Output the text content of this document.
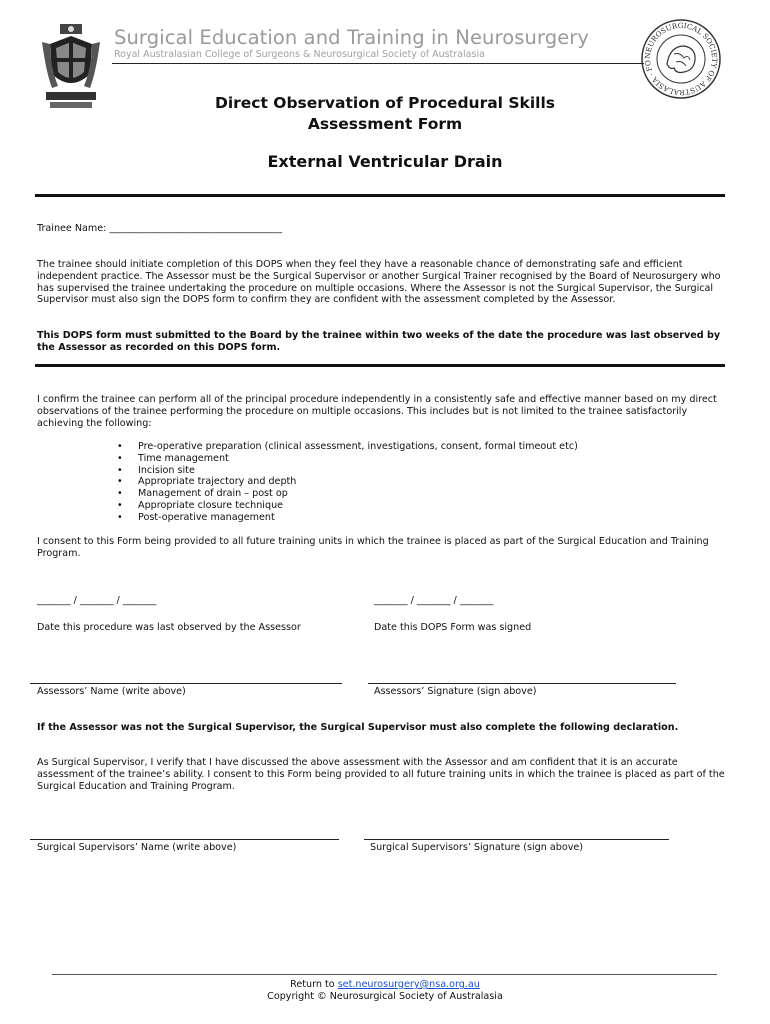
Surgical Education and Training in Neurosurgery
Royal Australasian College of Surgeons & Neurosurgical Society of Australasia	NEUROSURGICAL SOCIETY OF AUSTRALASIA · FO
Direct Observation of Procedural Skills
Assessment Form
External Ventricular Drain
Trainee Name: ____________________________________
The trainee should initiate completion of this DOPS when they feel they have a reasonable chance of demonstrating safe and efficient independent practice. The Assessor must be the Surgical Supervisor or another Surgical Trainer recognised by the Board of Neurosurgery who has supervised the trainee undertaking the procedure on multiple occasions. Where the Assessor is not the Surgical Supervisor, the Surgical Supervisor must also sign the DOPS form to confirm they are confident with the assessment completed by the Assessor.
This DOPS form must submitted to the Board by the trainee within two weeks of the date the procedure was last observed by the Assessor as recorded on this DOPS form.
I confirm the trainee can perform all of the principal procedure independently in a consistently safe and effective manner based on my direct observations of the trainee performing the procedure on multiple occasions. This includes but is not limited to the trainee satisfactorily achieving the following:
• Pre-operative preparation (clinical assessment, investigations, consent, formal timeout etc)
• Time management
• Incision site
• Appropriate trajectory and depth
• Management of drain – post op
• Appropriate closure technique
• Post-operative management
I consent to this Form being provided to all future training units in which the trainee is placed as part of the Surgical Education and Training Program.
_______ / _______ / _______	_______ / _______ / _______
Date this procedure was last observed by the Assessor	Date this DOPS Form was signed
Assessors’ Name (write above)	Assessors’ Signature (sign above)
If the Assessor was not the Surgical Supervisor, the Surgical Supervisor must also complete the following declaration.
As Surgical Supervisor, I verify that I have discussed the above assessment with the Assessor and am confident that it is an accurate assessment of the trainee’s ability. I consent to this Form being provided to all future training units in which the trainee is placed as part of the Surgical Education and Training Program.
Surgical Supervisors’ Name (write above)	Surgical Supervisors’ Signature (sign above)
Return to set.neurosurgery@nsa.org.au
Copyright © Neurosurgical Society of Australasia
